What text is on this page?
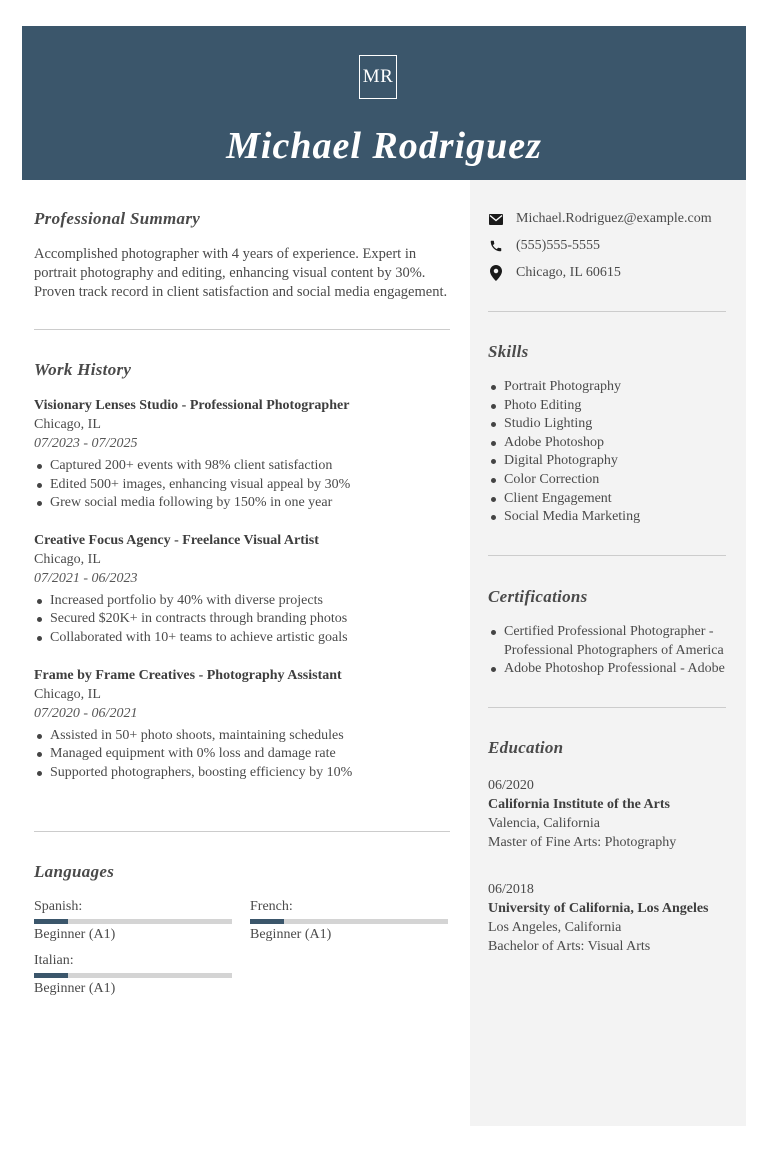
MR
Michael Rodriguez
Professional Summary
Accomplished photographer with 4 years of experience. Expert in portrait photography and editing, enhancing visual content by 30%. Proven track record in client satisfaction and social media engagement.
Work History
Visionary Lenses Studio - Professional Photographer
Chicago, IL
07/2023 - 07/2025
Captured 200+ events with 98% client satisfaction
Edited 500+ images, enhancing visual appeal by 30%
Grew social media following by 150% in one year
Creative Focus Agency - Freelance Visual Artist
Chicago, IL
07/2021 - 06/2023
Increased portfolio by 40% with diverse projects
Secured $20K+ in contracts through branding photos
Collaborated with 10+ teams to achieve artistic goals
Frame by Frame Creatives - Photography Assistant
Chicago, IL
07/2020 - 06/2021
Assisted in 50+ photo shoots, maintaining schedules
Managed equipment with 0% loss and damage rate
Supported photographers, boosting efficiency by 10%
Languages
Spanish:
Beginner (A1)
French:
Beginner (A1)
Italian:
Beginner (A1)
Michael.Rodriguez@example.com
(555)555-5555
Chicago, IL 60615
Skills
Portrait Photography
Photo Editing
Studio Lighting
Adobe Photoshop
Digital Photography
Color Correction
Client Engagement
Social Media Marketing
Certifications
Certified Professional Photographer - Professional Photographers of America
Adobe Photoshop Professional - Adobe
Education
06/2020
California Institute of the Arts
Valencia, California
Master of Fine Arts: Photography
06/2018
University of California, Los Angeles
Los Angeles, California
Bachelor of Arts: Visual Arts
